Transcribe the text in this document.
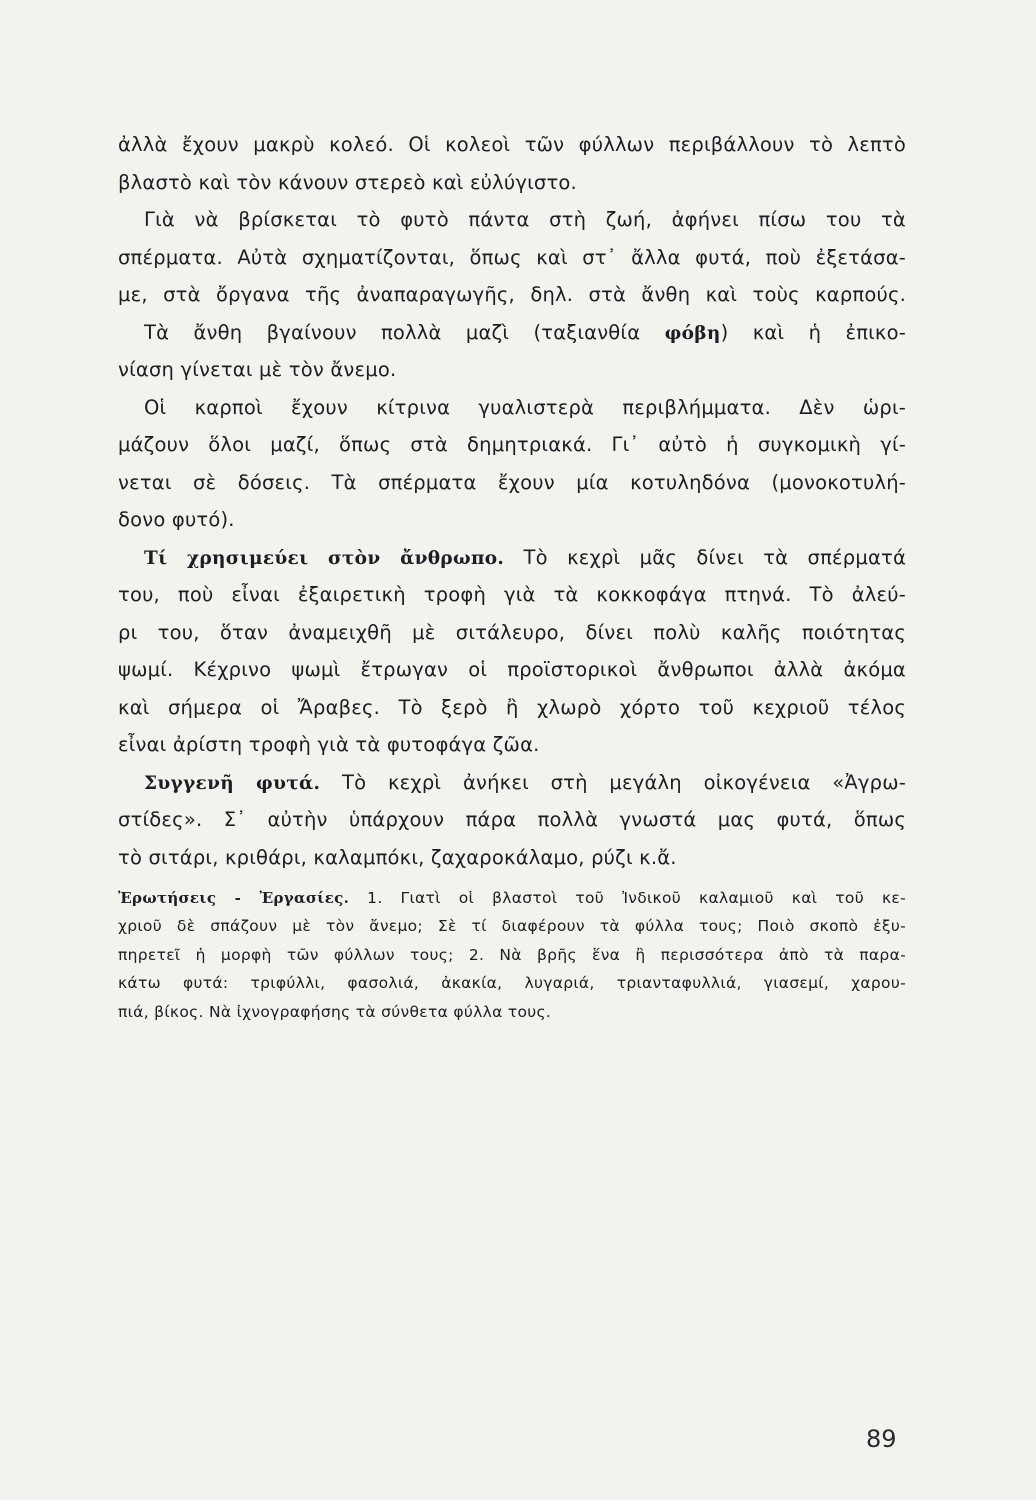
ἀλλὰ ἔχουν μακρὺ κολεό. Οἱ κολεοὶ τῶν φύλλων περιβάλλουν τὸ λεπτὸ
βλαστὸ καὶ τὸν κάνουν στερεὸ καὶ εὐλύγιστο.
Γιὰ νὰ βρίσκεται τὸ φυτὸ πάντα στὴ ζωή, ἀφήνει πίσω του τὰ
σπέρματα. Αὐτὰ σχηματίζονται, ὅπως καὶ στ᾽ ἄλλα φυτά, ποὺ ἐξετάσα-
με, στὰ ὄργανα τῆς ἀναπαραγωγῆς, δηλ. στὰ ἄνθη καὶ τοὺς καρπούς.
Τὰ ἄνθη βγαίνουν πολλὰ μαζὶ (ταξιανθία φόβη) καὶ ἡ ἐπικο-
νίαση γίνεται μὲ τὸν ἄνεμο.
Οἱ καρποὶ ἔχουν κίτρινα γυαλιστερὰ περιβλήμματα. Δὲν ὡρι-
μάζουν ὅλοι μαζί, ὅπως στὰ δημητριακά. Γι᾽ αὐτὸ ἡ συγκομικὴ γί-
νεται σὲ δόσεις. Τὰ σπέρματα ἔχουν μία κοτυληδόνα (μονοκοτυλή-
δονο φυτό).
Τί χρησιμεύει στὸν ἄνθρωπο. Τὸ κεχρὶ μᾶς δίνει τὰ σπέρματά
του, ποὺ εἶναι ἐξαιρετικὴ τροφὴ γιὰ τὰ κοκκοφάγα πτηνά. Τὸ ἀλεύ-
ρι του, ὅταν ἀναμειχθῆ μὲ σιτάλευρο, δίνει πολὺ καλῆς ποιότητας
ψωμί. Κέχρινο ψωμὶ ἔτρωγαν οἱ προϊστορικοὶ ἄνθρωποι ἀλλὰ ἀκόμα
καὶ σήμερα οἱ Ἄραβες. Τὸ ξερὸ ἢ χλωρὸ χόρτο τοῦ κεχριοῦ τέλος
εἶναι ἀρίστη τροφὴ γιὰ τὰ φυτοφάγα ζῶα.
Συγγενῆ φυτά. Τὸ κεχρὶ ἀνήκει στὴ μεγάλη οἰκογένεια «Ἀγρω-
στίδες». Σ᾽ αὐτὴν ὑπάρχουν πάρα πολλὰ γνωστά μας φυτά, ὅπως
τὸ σιτάρι, κριθάρι, καλαμπόκι, ζαχαροκάλαμο, ρύζι κ.ἄ.
Ἐρωτήσεις - Ἐργασίες. 1. Γιατὶ οἱ βλαστοὶ τοῦ Ἰνδικοῦ καλαμιοῦ καὶ τοῦ κε-
χριοῦ δὲ σπάζουν μὲ τὸν ἄνεμο; Σὲ τί διαφέρουν τὰ φύλλα τους; Ποιὸ σκοπὸ ἐξυ-
πηρετεῖ ἡ μορφὴ τῶν φύλλων τους; 2. Νὰ βρῆς ἕνα ἢ περισσότερα ἀπὸ τὰ παρα-
κάτω φυτά: τριφύλλι, φασολιά, ἀκακία, λυγαριά, τριανταφυλλιά, γιασεμί, χαρου-
πιά, βίκος. Νὰ ἰχνογραφήσης τὰ σύνθετα φύλλα τους.
89
